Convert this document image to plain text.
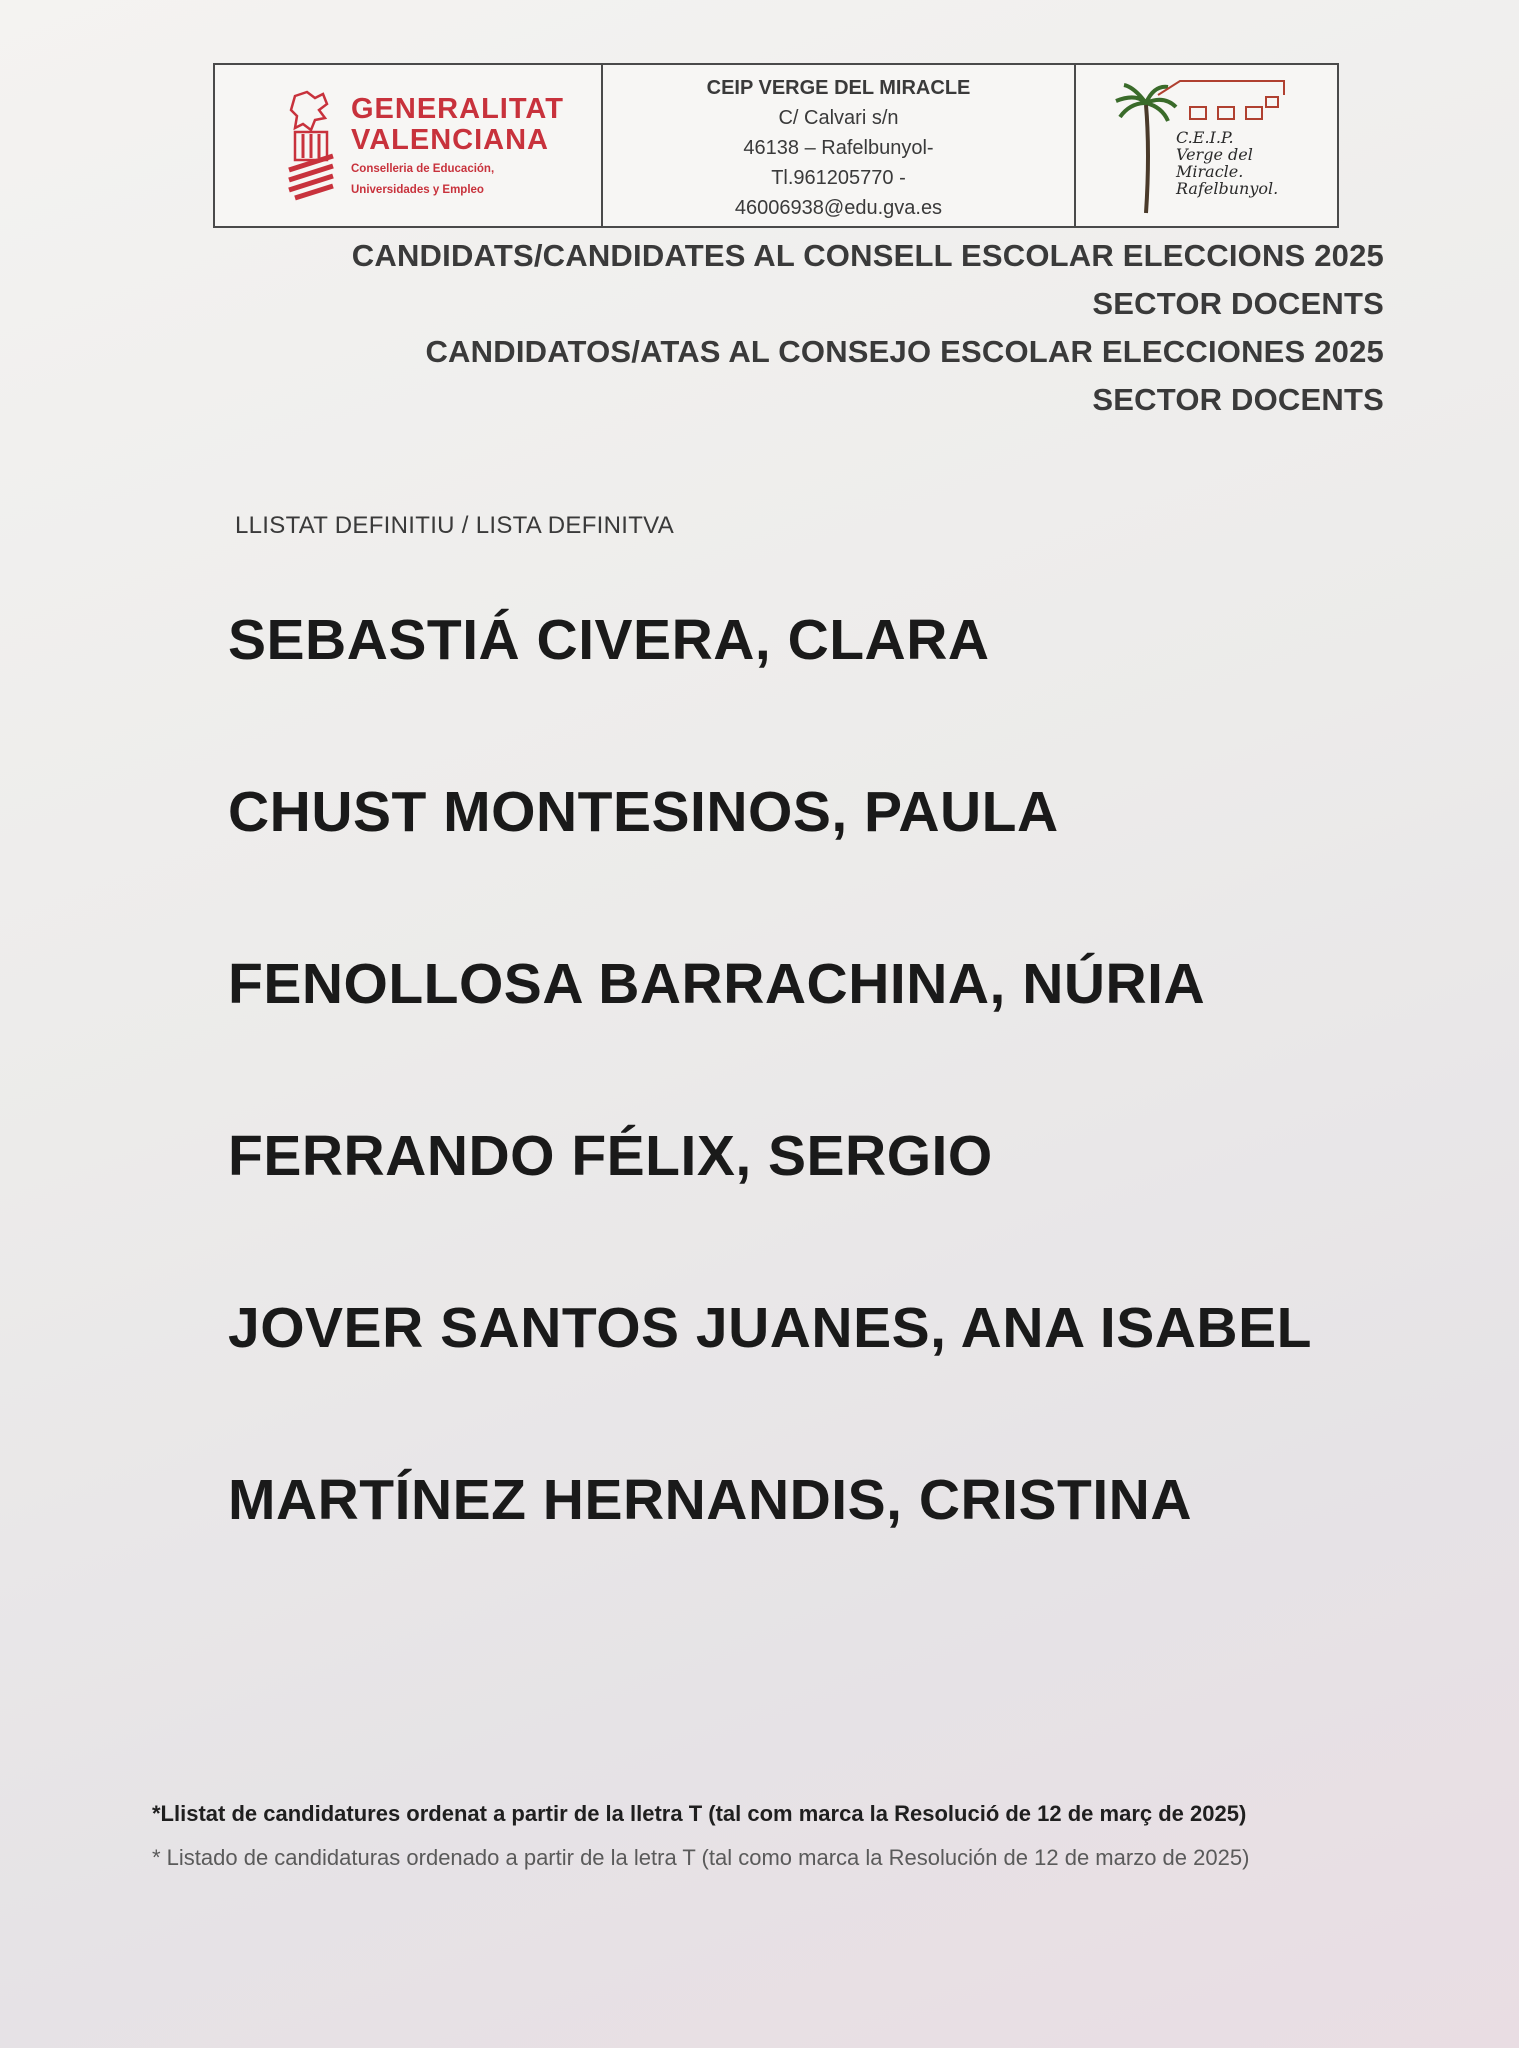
GENERALITAT
VALENCIANA
Conselleria de Educación,
Universidades y Empleo
CEIP VERGE DEL MIRACLE
C/ Calvari s/n
46138 – Rafelbunyol-
Tl.961205770 -
46006938@edu.gva.es
C.E.I.P.
Verge del
Miracle.
Rafelbunyol.
CANDIDATS/CANDIDATES AL CONSELL ESCOLAR ELECCIONS 2025
SECTOR DOCENTS
CANDIDATOS/ATAS AL CONSEJO ESCOLAR ELECCIONES 2025
SECTOR DOCENTS
LLISTAT DEFINITIU / LISTA DEFINITVA
SEBASTIÁ CIVERA, CLARA
CHUST MONTESINOS, PAULA
FENOLLOSA BARRACHINA, NÚRIA
FERRANDO FÉLIX, SERGIO
JOVER SANTOS JUANES, ANA ISABEL
MARTÍNEZ HERNANDIS, CRISTINA
*Llistat de candidatures ordenat a partir de la lletra T (tal com marca la Resolució de 12 de març de 2025)
* Listado de candidaturas ordenado a partir de la letra T (tal como marca la Resolución de 12 de marzo de 2025)
